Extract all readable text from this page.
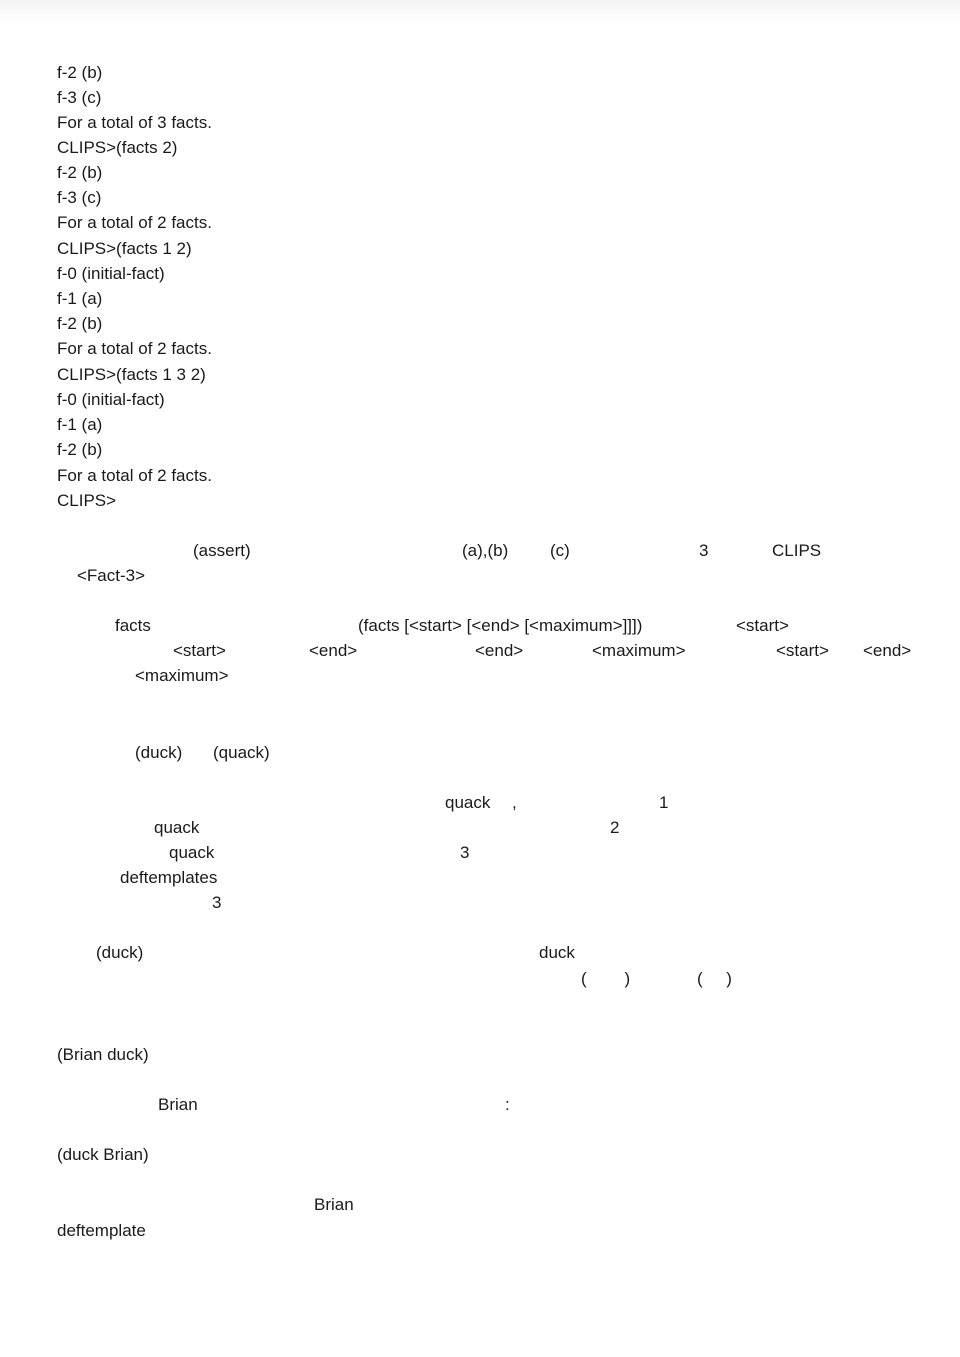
f-2 (b)
f-3 (c)
For a total of 3 facts.
CLIPS>(facts 2)
f-2 (b)
f-3 (c)
For a total of 2 facts.
CLIPS>(facts 1 2)
f-0 (initial-fact)
f-1 (a)
f-2 (b)
For a total of 2 facts.
CLIPS>(facts 1 3 2)
f-0 (initial-fact)
f-1 (a)
f-2 (b)
For a total of 2 facts.
CLIPS>
(assert)	(a),(b) (c)	3	CLIPS
<Fact-3>
facts	(facts [<start> [<end> [<maximum>]]])	<start>
<start>	<end>	<end>	<maximum>	<start> <end>
<maximum>
(duck) (quack)
quack ,	1
quack	2
quack	3
deftemplates
3
(duck)	duck
(        )	(     )
(Brian duck)
Brian	:
(duck Brian)
Brian
deftemplate
